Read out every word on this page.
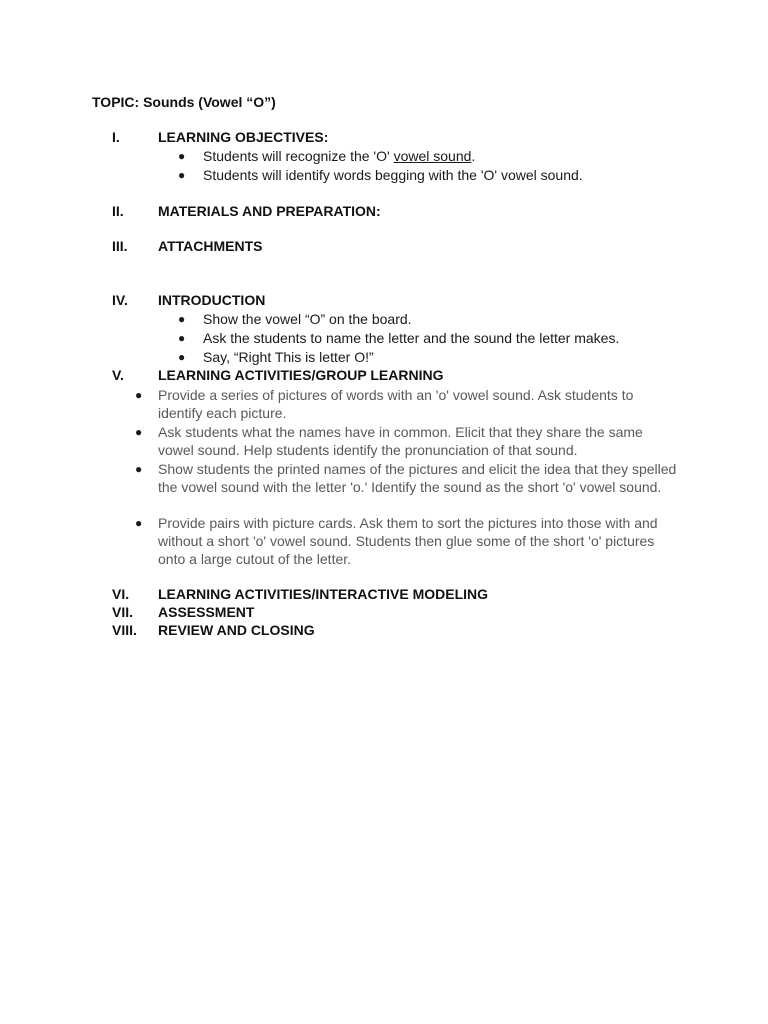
TOPIC: Sounds (Vowel “O”)
I.	LEARNING OBJECTIVES:
● Students will recognize the 'O' vowel sound.
● Students will identify words begging with the 'O' vowel sound.
II. MATERIALS AND PREPARATION:
III. ATTACHMENTS
IV. INTRODUCTION
● Show the vowel “O” on the board.
● Ask the students to name the letter and the sound the letter makes.
● Say, “Right This is letter O!”
V. LEARNING ACTIVITIES/GROUP LEARNING
● Provide a series of pictures of words with an 'o' vowel sound. Ask students to identify each picture.
● Ask students what the names have in common. Elicit that they share the same vowel sound. Help students identify the pronunciation of that sound.
● Show students the printed names of the pictures and elicit the idea that they spelled the vowel sound with the letter 'o.' Identify the sound as the short 'o' vowel sound.
● Provide pairs with picture cards. Ask them to sort the pictures into those with and without a short 'o' vowel sound. Students then glue some of the short 'o' pictures onto a large cutout of the letter.
VI. LEARNING ACTIVITIES/INTERACTIVE MODELING
VII. ASSESSMENT
VIII. REVIEW AND CLOSING
